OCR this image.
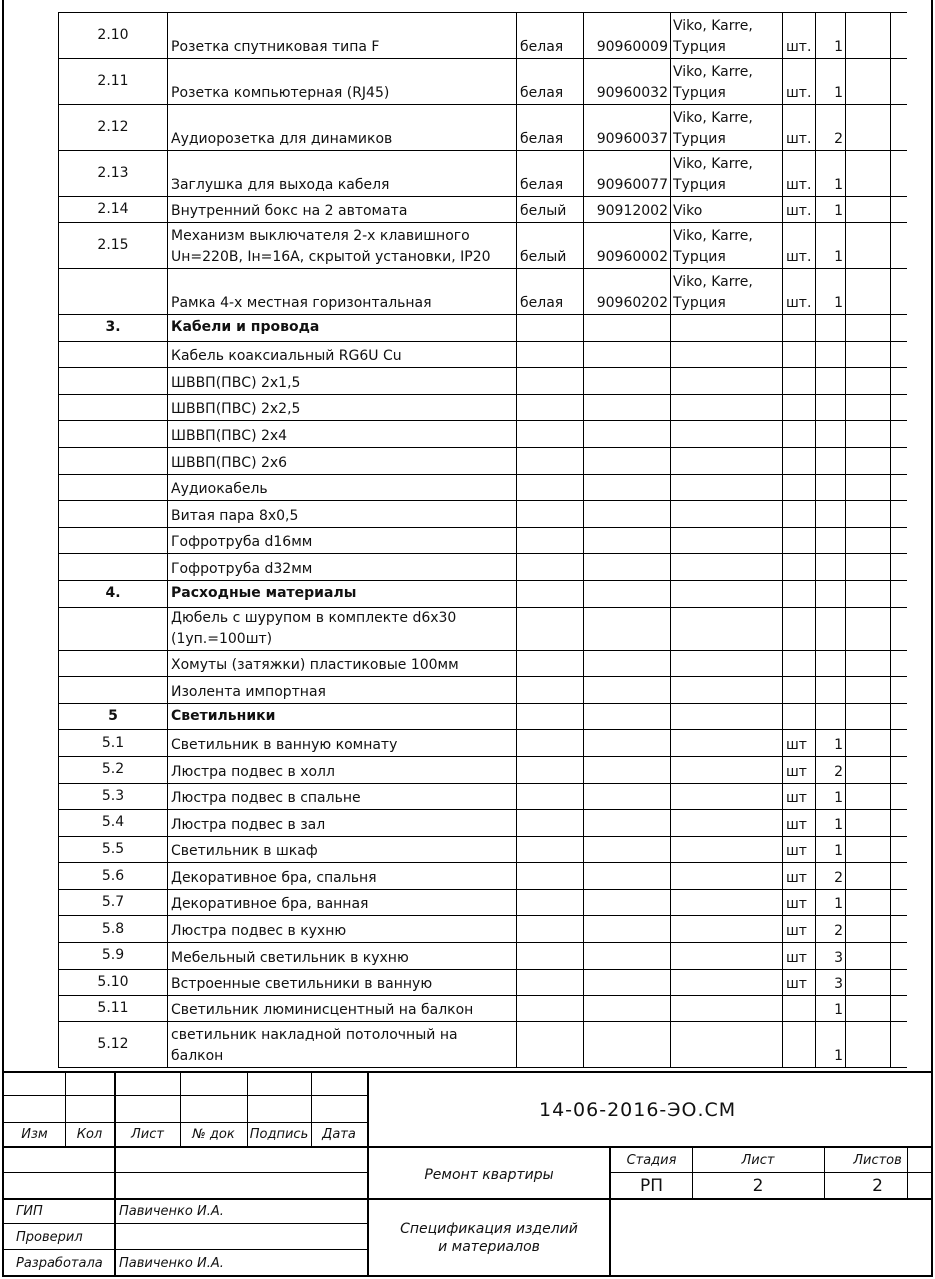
2.10	Розетка спутниковая типа F	белая	90960009	Viko, Karre, Турция	шт.	1		
2.11	Розетка компьютерная (RJ45)	белая	90960032	Viko, Karre, Турция	шт.	1		
2.12	Аудиорозетка для динамиков	белая	90960037	Viko, Karre, Турция	шт.	2		
2.13	Заглушка для выхода кабеля	белая	90960077	Viko, Karre, Турция	шт.	1		
2.14	Внутренний бокс на 2 автомата	белый	90912002	Viko	шт.	1		
2.15	Механизм выключателя 2-х клавишного Uн=220В, Iн=16А, скрытой установки, IP20	белый	90960002	Viko, Karre, Турция	шт.	1		
	Рамка 4-х местная горизонтальная	белая	90960202	Viko, Karre, Турция	шт.	1		
3.	Кабели и провода							
	Кабель коаксиальный RG6U Cu							
	ШВВП(ПВС) 2х1,5							
	ШВВП(ПВС) 2х2,5							
	ШВВП(ПВС) 2х4							
	ШВВП(ПВС) 2х6							
	Аудиокабель							
	Витая пара 8х0,5							
	Гофротруба d16мм							
	Гофротруба d32мм							
4.	Расходные материалы							
	Дюбель с шурупом в комплекте d6x30 (1уп.=100шт)							
	Хомуты (затяжки) пластиковые 100мм							
	Изолента импортная							
5	Светильники							
5.1	Светильник в ванную комнату				шт	1		
5.2	Люстра подвес в холл				шт	2		
5.3	Люстра подвес в спальне				шт	1		
5.4	Люстра подвес в зал				шт	1		
5.5	Светильник в шкаф				шт	1		
5.6	Декоративное бра, спальня				шт	2		
5.7	Декоративное бра, ванная				шт	1		
5.8	Люстра подвес в кухню				шт	2		
5.9	Мебельный светильник в кухню				шт	3		
5.10	Встроенные светильники в ванную				шт	3		
5.11	Светильник люминисцентный на балкон					1		
5.12	светильник накладной потолочный на балкон					1		
14-06-2016-ЭО.СМ
Изм	Кол	Лист	№ док	Подпись	Дата
Ремонт квартиры
Стадия	Лист	Листов
РП	2	2
Спецификация изделий
и материалов
ГИП	Павиченко И.А.
Проверил
Разработала Павиченко И.А.
